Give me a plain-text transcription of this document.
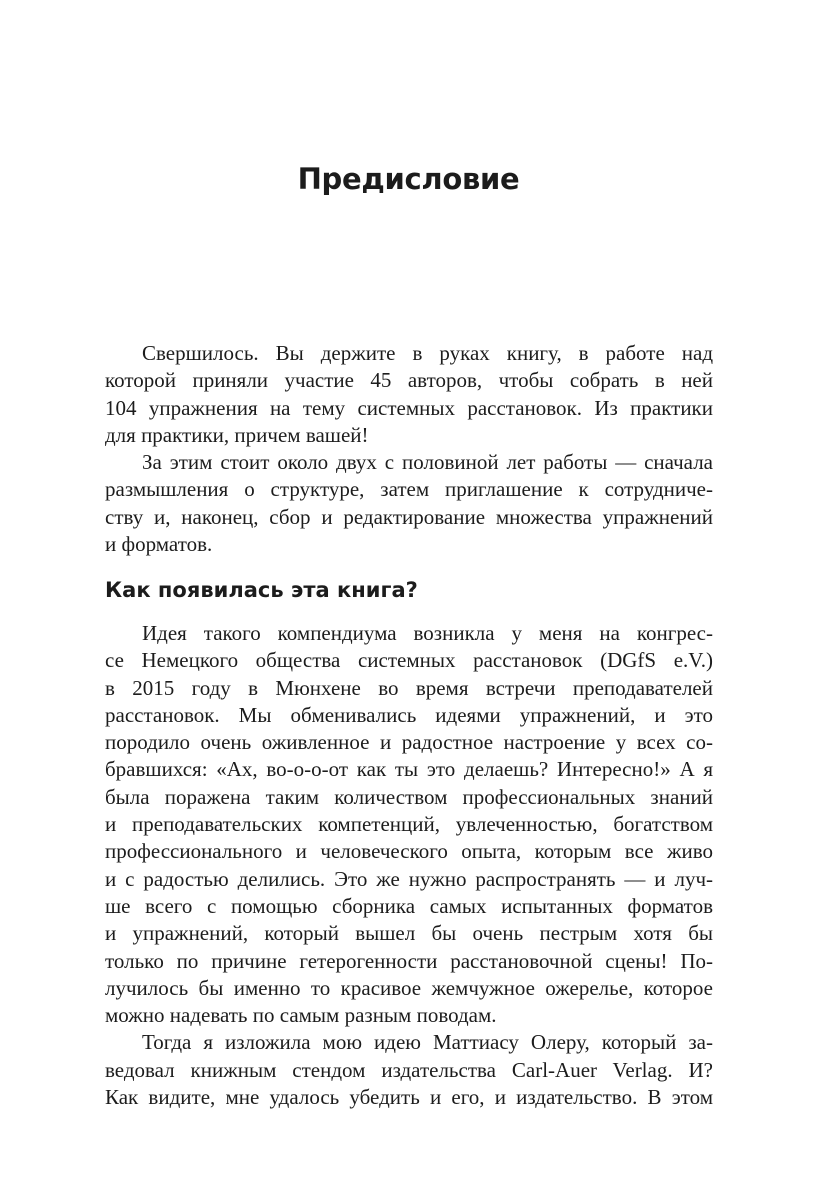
Предисловие
Свершилось. Вы держите в руках книгу, в работе над
которой приняли участие 45 авторов, чтобы собрать в ней
104 упражнения на тему системных расстановок. Из практики
для практики, причем вашей!
За этим стоит около двух с половиной лет работы — сначала
размышления о структуре, затем приглашение к сотрудниче-
ству и, наконец, сбор и редактирование множества упражнений
и форматов.
Как появилась эта книга?
Идея такого компендиума возникла у меня на конгрес-
се Немецкого общества системных расстановок (DGfS e.V.)
в 2015 году в Мюнхене во время встречи преподавателей
расстановок. Мы обменивались идеями упражнений, и это
породило очень оживленное и радостное настроение у всех со-
бравшихся: «Ах, во-о-о-от как ты это делаешь? Интересно!» А я
была поражена таким количеством профессиональных знаний
и преподавательских компетенций, увлеченностью, богатством
профессионального и человеческого опыта, которым все живо
и с радостью делились. Это же нужно распространять — и луч-
ше всего с помощью сборника самых испытанных форматов
и упражнений, который вышел бы очень пестрым хотя бы
только по причине гетерогенности расстановочной сцены! По-
лучилось бы именно то красивое жемчужное ожерелье, которое
можно надевать по самым разным поводам.
Тогда я изложила мою идею Маттиасу Олеру, который за-
ведовал книжным стендом издательства Carl-Auer Verlag. И?
Как видите, мне удалось убедить и его, и издательство. В этом
